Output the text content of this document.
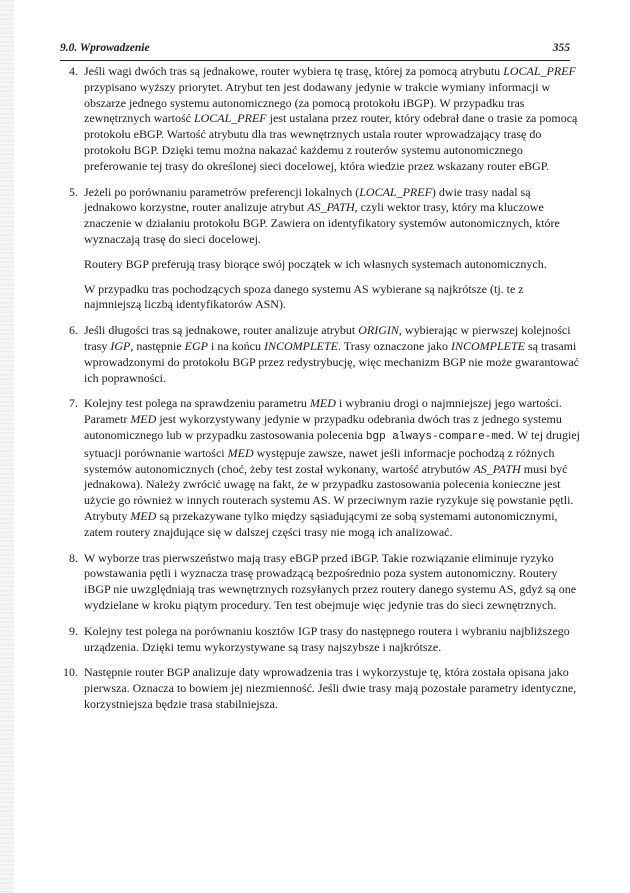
9.0. Wprowadzenie	355
4. Jeśli wagi dwóch tras są jednakowe, router wybiera tę trasę, której za pomocą atrybutu LOCAL_PREF przypisano wyższy priorytet. Atrybut ten jest dodawany jedynie w trakcie wymiany informacji w obszarze jednego systemu autonomicznego (za pomocą protokołu iBGP). W przypadku tras zewnętrznych wartość LOCAL_PREF jest ustalana przez router, który odebrał dane o trasie za pomocą protokołu eBGP. Wartość atrybutu dla tras wewnętrznych ustala router wprowadzający trasę do protokołu BGP. Dzięki temu można nakazać każdemu z routerów systemu autonomicznego preferowanie tej trasy do określonej sieci docelowej, która wiedzie przez wskazany router eBGP.
5. Jeżeli po porównaniu parametrów preferencji lokalnych (LOCAL_PREF) dwie trasy nadal są jednakowo korzystne, router analizuje atrybut AS_PATH, czyli wektor trasy, który ma kluczowe znaczenie w działaniu protokołu BGP. Zawiera on identyfikatory systemów autonomicznych, które wyznaczają trasę do sieci docelowej.
Routery BGP preferują trasy biorące swój początek w ich własnych systemach autonomicznych.
W przypadku tras pochodzących spoza danego systemu AS wybierane są najkrótsze (tj. te z najmniejszą liczbą identyfikatorów ASN).
6. Jeśli długości tras są jednakowe, router analizuje atrybut ORIGIN, wybierając w pierwszej kolejności trasy IGP, następnie EGP i na końcu INCOMPLETE. Trasy oznaczone jako INCOMPLETE są trasami wprowadzonymi do protokołu BGP przez redystrybucję, więc mechanizm BGP nie może gwarantować ich poprawności.
7. Kolejny test polega na sprawdzeniu parametru MED i wybraniu drogi o najmniejszej jego wartości. Parametr MED jest wykorzystywany jedynie w przypadku odebrania dwóch tras z jednego systemu autonomicznego lub w przypadku zastosowania polecenia bgp always-compare-med. W tej drugiej sytuacji porównanie wartości MED występuje zawsze, nawet jeśli informacje pochodzą z różnych systemów autonomicznych (choć, żeby test został wykonany, wartość atrybutów AS_PATH musi być jednakowa). Należy zwrócić uwagę na fakt, że w przypadku zastosowania polecenia konieczne jest użycie go również w innych routerach systemu AS. W przeciwnym razie ryzykuje się powstanie pętli. Atrybuty MED są przekazywane tylko między sąsiadującymi ze sobą systemami autonomicznymi, zatem routery znajdujące się w dalszej części trasy nie mogą ich analizować.
8. W wyborze tras pierwszeństwo mają trasy eBGP przed iBGP. Takie rozwiązanie eliminuje ryzyko powstawania pętli i wyznacza trasę prowadzącą bezpośrednio poza system autonomiczny. Routery iBGP nie uwzględniają tras wewnętrznych rozsyłanych przez routery danego systemu AS, gdyż są one wydzielane w kroku piątym procedury. Ten test obejmuje więc jedynie tras do sieci zewnętrznych.
9. Kolejny test polega na porównaniu kosztów IGP trasy do następnego routera i wybraniu najbliższego urządzenia. Dzięki temu wykorzystywane są trasy najszybsze i najkrótsze.
10. Następnie router BGP analizuje daty wprowadzenia tras i wykorzystuje tę, która została opisana jako pierwsza. Oznacza to bowiem jej niezmienność. Jeśli dwie trasy mają pozostałe parametry identyczne, korzystniejsza będzie trasa stabilniejsza.
